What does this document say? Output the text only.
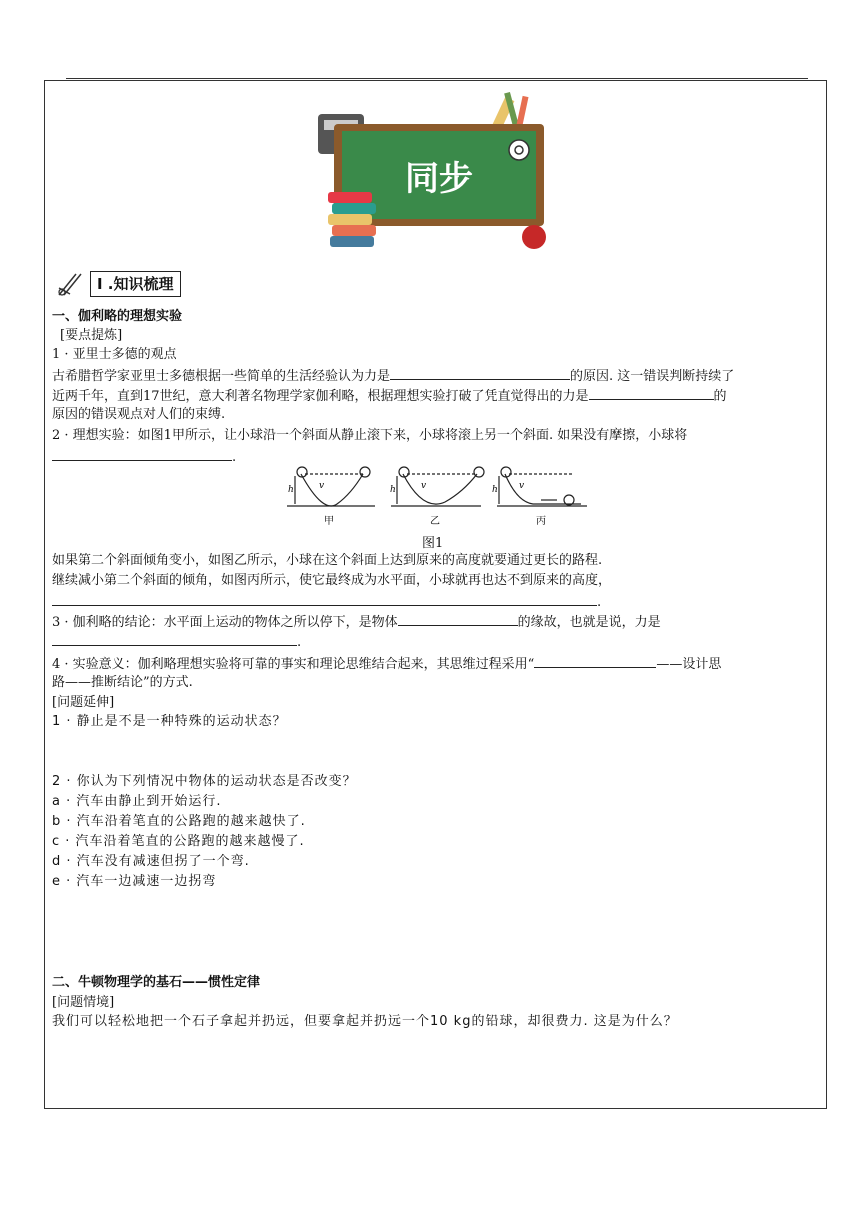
同步
I .知识梳理
一、伽利略的理想实验
[要点提炼]
1 · 亚里士多德的观点
古希腊哲学家亚里士多德根据一些简单的生活经验认为力是	的原因. 这一错误判断持续了
近两千年，直到17世纪，意大利著名物理学家伽利略，根据理想实验打破了凭直觉得出的力是	的
原因的错误观点对人们的束缚.
2 · 理想实验：如图1甲所示，让小球沿一个斜面从静止滚下来，小球将滚上另一个斜面. 如果没有摩擦，小球将
.
h	h	h
v	v	v
甲	乙	丙
图1
如果第二个斜面倾角变小，如图乙所示，小球在这个斜面上达到原来的高度就要通过更长的路程.
继续减小第二个斜面的倾角，如图丙所示，使它最终成为水平面，小球就再也达不到原来的高度，
.
3 · 伽利略的结论：水平面上运动的物体之所以停下，是物体	的缘故，也就是说，力是
.
4 · 实验意义：伽利略理想实验将可靠的事实和理论思维结合起来，其思维过程采用“	——设计思
路——推断结论”的方式.
[问题延伸]
1 · 静止是不是一种特殊的运动状态？
2 · 你认为下列情况中物体的运动状态是否改变？
a · 汽车由静止到开始运行.
b · 汽车沿着笔直的公路跑的越来越快了.
c · 汽车沿着笔直的公路跑的越来越慢了.
d · 汽车没有减速但拐了一个弯.
e · 汽车一边减速一边拐弯
二、牛顿物理学的基石——惯性定律
[问题情境]
我们可以轻松地把一个石子拿起并扔远，但要拿起并扔远一个10 kg的铅球，却很费力. 这是为什么？
